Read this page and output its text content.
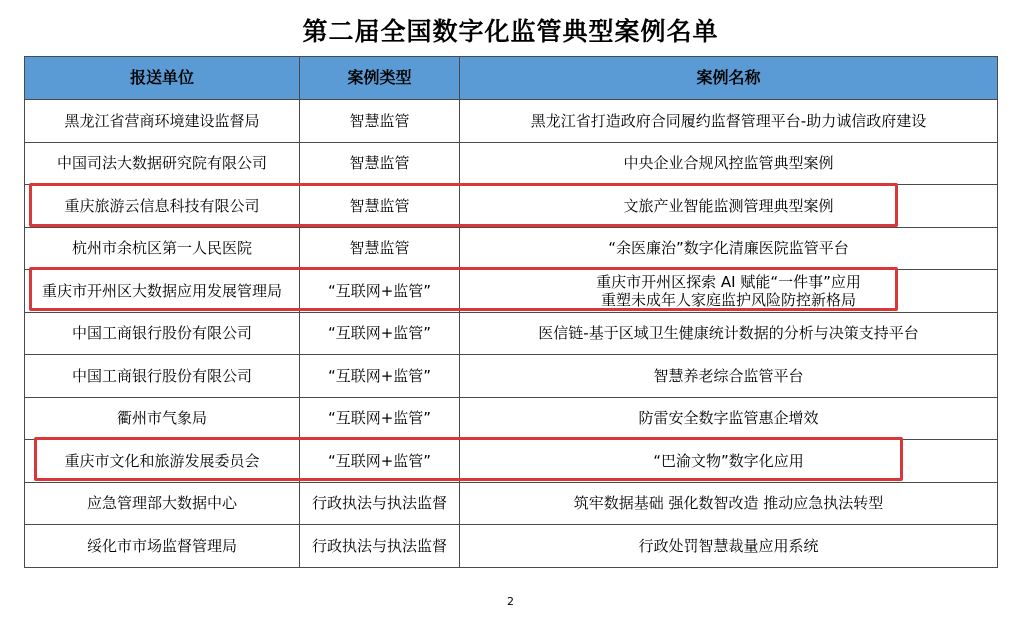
第二届全国数字化监管典型案例名单
报送单位	案例类型	案例名称
黑龙江省营商环境建设监督局	智慧监管	黑龙江省打造政府合同履约监督管理平台-助力诚信政府建设
中国司法大数据研究院有限公司	智慧监管	中央企业合规风控监管典型案例
重庆旅游云信息科技有限公司	智慧监管	文旅产业智能监测管理典型案例
杭州市余杭区第一人民医院	智慧监管	“余医廉治”数字化清廉医院监管平台
重庆市开州区大数据应用发展管理局	“互联网+监管”	重庆市开州区探索 AI 赋能“一件事”应用
重塑未成年人家庭监护风险防控新格局

中国工商银行股份有限公司	“互联网+监管”	医信链-基于区域卫生健康统计数据的分析与决策支持平台
中国工商银行股份有限公司	“互联网+监管”	智慧养老综合监管平台
衢州市气象局	“互联网+监管”	防雷安全数字监管惠企增效
重庆市文化和旅游发展委员会	“互联网+监管”	“巴渝文物”数字化应用
应急管理部大数据中心	行政执法与执法监督	筑牢数据基础 强化数智改造 推动应急执法转型
绥化市市场监督管理局	行政执法与执法监督	行政处罚智慧裁量应用系统
2
